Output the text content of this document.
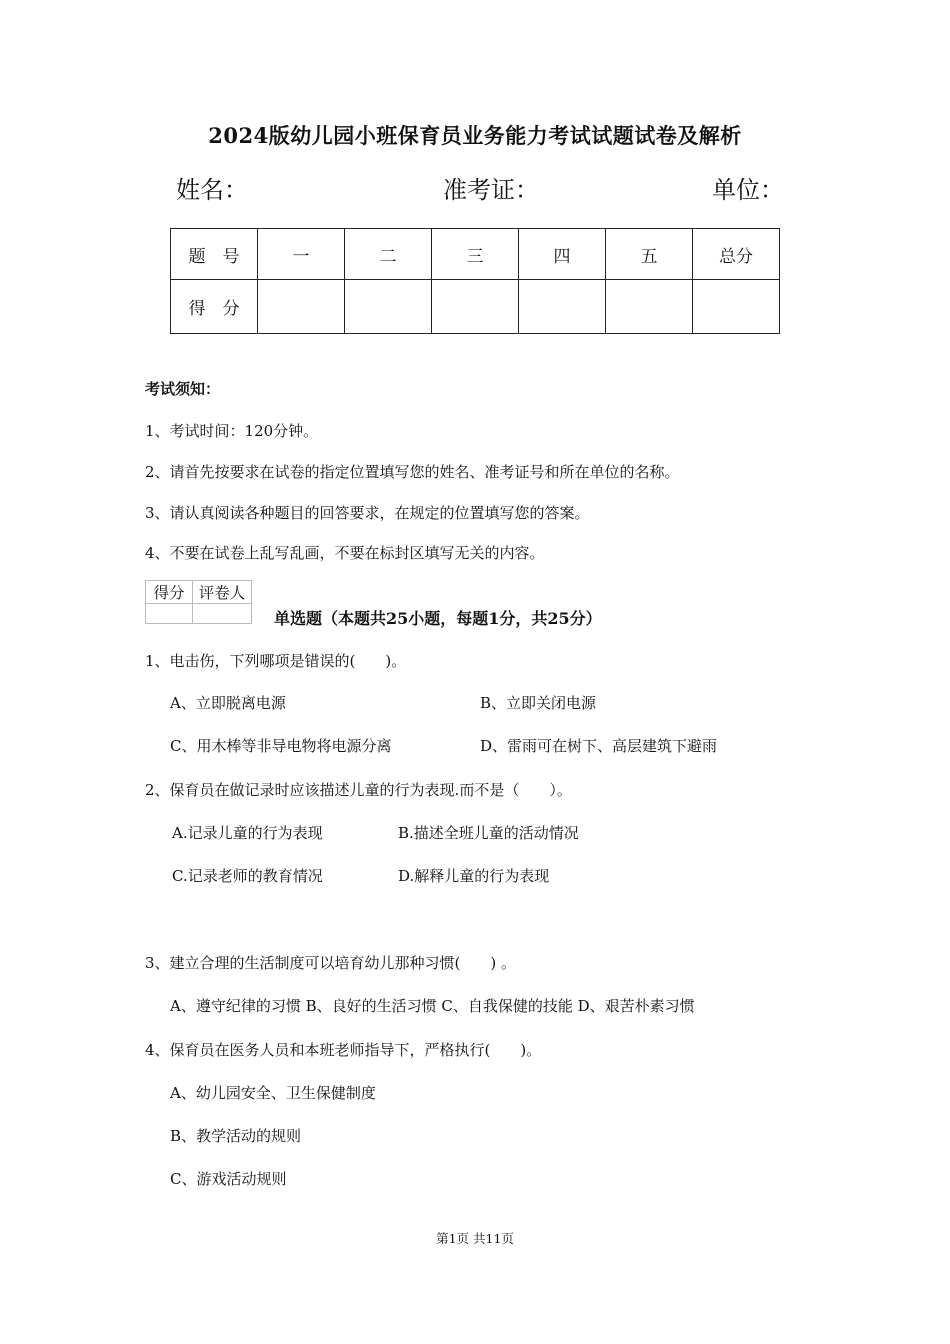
2024版幼儿园小班保育员业务能力考试试题试卷及解析
姓名：	准考证：	单位：
题　号	一	二	三	四	五	总分
得　分						
考试须知：
1、考试时间：120分钟。
2、请首先按要求在试卷的指定位置填写您的姓名、准考证号和所在单位的名称。
3、请认真阅读各种题目的回答要求，在规定的位置填写您的答案。
4、不要在试卷上乱写乱画，不要在标封区填写无关的内容。
得分	评卷人

单选题（本题共25小题，每题1分，共25分）
1、电击伤，下列哪项是错误的(　　)。
A、立即脱离电源	B、立即关闭电源
C、用木棒等非导电物将电源分离	D、雷雨可在树下、高层建筑下避雨
2、保育员在做记录时应该描述儿童的行为表现.而不是（　　）。
A.记录儿童的行为表现	B.描述全班儿童的活动情况
C.记录老师的教育情况	D.解释儿童的行为表现
3、建立合理的生活制度可以培育幼儿那种习惯(　　) 。
A、遵守纪律的习惯 B、良好的生活习惯 C、自我保健的技能 D、艰苦朴素习惯
4、保育员在医务人员和本班老师指导下，严格执行(　　)。
A、幼儿园安全、卫生保健制度
B、教学活动的规则
C、游戏活动规则
第1页 共11页
